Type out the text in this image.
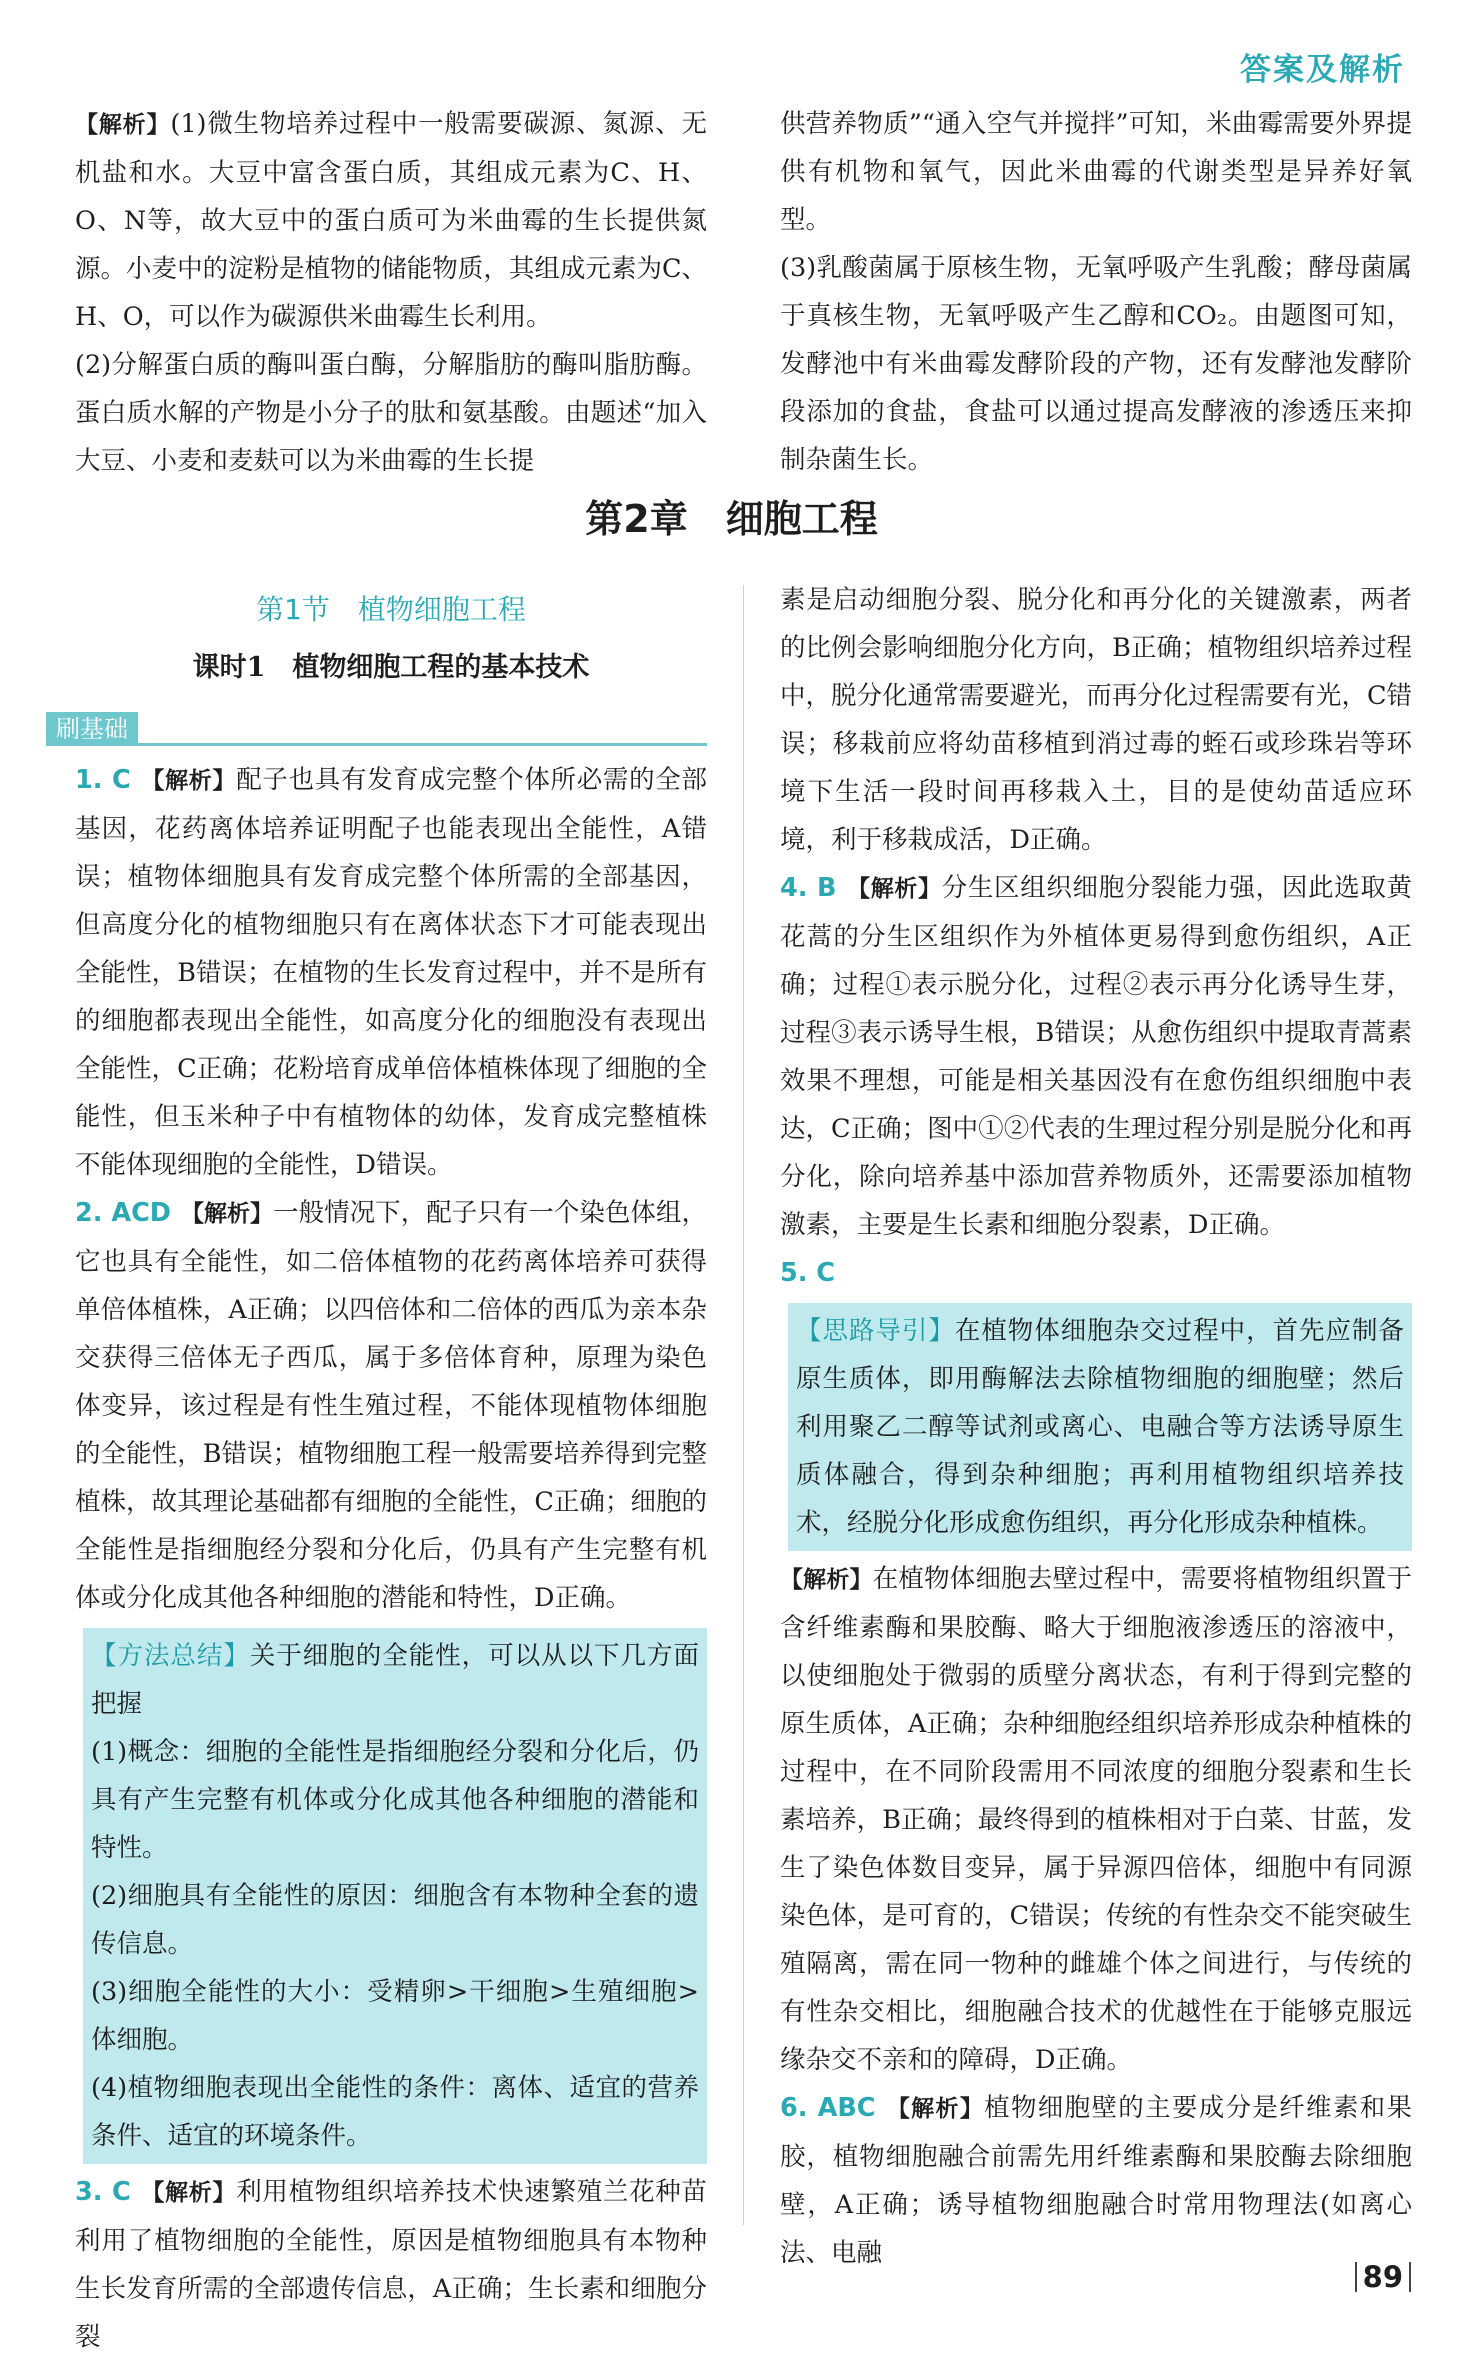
答案及解析

【解析】(1)微生物培养过程中一般需要碳源、氮源、无机盐和水。大豆中富含蛋白质，其组成元素为C、H、O、N等，故大豆中的蛋白质可为米曲霉的生长提供氮源。小麦中的淀粉是植物的储能物质，其组成元素为C、H、O，可以作为碳源供米曲霉生长利用。

(2)分解蛋白质的酶叫蛋白酶，分解脂肪的酶叫脂肪酶。蛋白质水解的产物是小分子的肽和氨基酸。由题述“加入大豆、小麦和麦麸可以为米曲霉的生长提

供营养物质”“通入空气并搅拌”可知，米曲霉需要外界提供有机物和氧气，因此米曲霉的代谢类型是异养好氧型。

(3)乳酸菌属于原核生物，无氧呼吸产生乳酸；酵母菌属于真核生物，无氧呼吸产生乙醇和CO₂。由题图可知，发酵池中有米曲霉发酵阶段的产物，还有发酵池发酵阶段添加的食盐，食盐可以通过提高发酵液的渗透压来抑制杂菌生长。

第2章　细胞工程
第1节　植物细胞工程
课时1　植物细胞工程的基本技术
刷基础

1. C 【解析】配子也具有发育成完整个体所必需的全部基因，花药离体培养证明配子也能表现出全能性，A错误；植物体细胞具有发育成完整个体所需的全部基因，但高度分化的植物细胞只有在离体状态下才可能表现出全能性，B错误；在植物的生长发育过程中，并不是所有的细胞都表现出全能性，如高度分化的细胞没有表现出全能性，C正确；花粉培育成单倍体植株体现了细胞的全能性，但玉米种子中有植物体的幼体，发育成完整植株不能体现细胞的全能性，D错误。

2. ACD 【解析】一般情况下，配子只有一个染色体组，它也具有全能性，如二倍体植物的花药离体培养可获得单倍体植株，A正确；以四倍体和二倍体的西瓜为亲本杂交获得三倍体无子西瓜，属于多倍体育种，原理为染色体变异，该过程是有性生殖过程，不能体现植物体细胞的全能性，B错误；植物细胞工程一般需要培养得到完整植株，故其理论基础都有细胞的全能性，C正确；细胞的全能性是指细胞经分裂和分化后，仍具有产生完整有机体或分化成其他各种细胞的潜能和特性，D正确。

【方法总结】关于细胞的全能性，可以从以下几方面把握

(1)概念：细胞的全能性是指细胞经分裂和分化后，仍具有产生完整有机体或分化成其他各种细胞的潜能和特性。

(2)细胞具有全能性的原因：细胞含有本物种全套的遗传信息。

(3)细胞全能性的大小：受精卵>干细胞>生殖细胞>体细胞。

(4)植物细胞表现出全能性的条件：离体、适宜的营养条件、适宜的环境条件。

3. C 【解析】利用植物组织培养技术快速繁殖兰花种苗利用了植物细胞的全能性，原因是植物细胞具有本物种生长发育所需的全部遗传信息，A正确；生长素和细胞分裂

素是启动细胞分裂、脱分化和再分化的关键激素，两者的比例会影响细胞分化方向，B正确；植物组织培养过程中，脱分化通常需要避光，而再分化过程需要有光，C错误；移栽前应将幼苗移植到消过毒的蛭石或珍珠岩等环境下生活一段时间再移栽入土，目的是使幼苗适应环境，利于移栽成活，D正确。

4. B 【解析】分生区组织细胞分裂能力强，因此选取黄花蒿的分生区组织作为外植体更易得到愈伤组织，A正确；过程①表示脱分化，过程②表示再分化诱导生芽，过程③表示诱导生根，B错误；从愈伤组织中提取青蒿素效果不理想，可能是相关基因没有在愈伤组织细胞中表达，C正确；图中①②代表的生理过程分别是脱分化和再分化，除向培养基中添加营养物质外，还需要添加植物激素，主要是生长素和细胞分裂素，D正确。

5. C

【思路导引】在植物体细胞杂交过程中，首先应制备原生质体，即用酶解法去除植物细胞的细胞壁；然后利用聚乙二醇等试剂或离心、电融合等方法诱导原生质体融合，得到杂种细胞；再利用植物组织培养技术，经脱分化形成愈伤组织，再分化形成杂种植株。

【解析】在植物体细胞去壁过程中，需要将植物组织置于含纤维素酶和果胶酶、略大于细胞液渗透压的溶液中，以使细胞处于微弱的质壁分离状态，有利于得到完整的原生质体，A正确；杂种细胞经组织培养形成杂种植株的过程中，在不同阶段需用不同浓度的细胞分裂素和生长素培养，B正确；最终得到的植株相对于白菜、甘蓝，发生了染色体数目变异，属于异源四倍体，细胞中有同源染色体，是可育的，C错误；传统的有性杂交不能突破生殖隔离，需在同一物种的雌雄个体之间进行，与传统的有性杂交相比，细胞融合技术的优越性在于能够克服远缘杂交不亲和的障碍，D正确。

6. ABC 【解析】植物细胞壁的主要成分是纤维素和果胶，植物细胞融合前需先用纤维素酶和果胶酶去除细胞壁，A正确；诱导植物细胞融合时常用物理法(如离心法、电融

89
